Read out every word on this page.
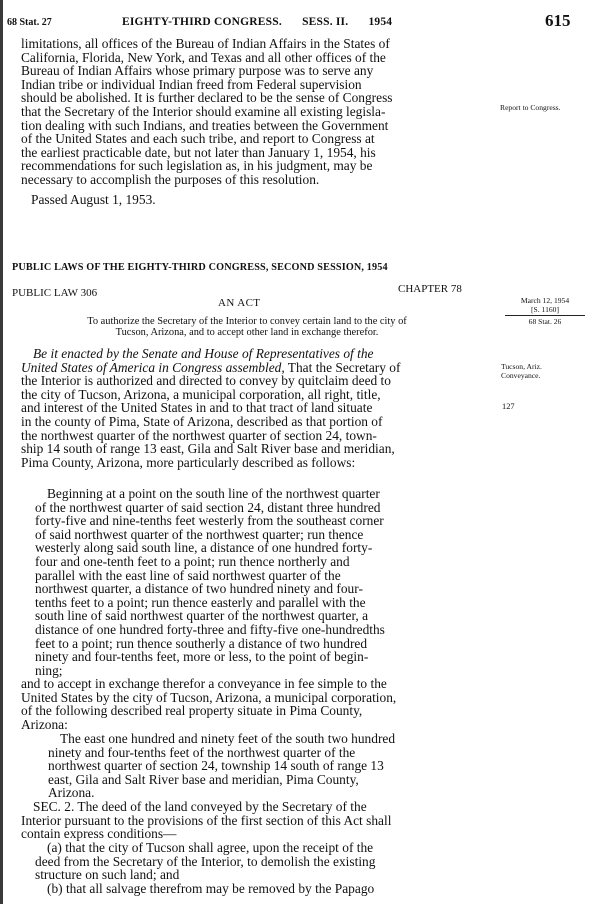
68 Stat. 27	EIGHTY-THIRD CONGRESS. SESS. II. 1954	615

limitations, all offices of the Bureau of Indian Affairs in the States of

California, Florida, New York, and Texas and all other offices of the

Bureau of Indian Affairs whose primary purpose was to serve any

Indian tribe or individual Indian freed from Federal supervision

should be abolished. It is further declared to be the sense of Congress

that the Secretary of the Interior should examine all existing legisla-

tion dealing with such Indians, and treaties between the Government

of the United States and each such tribe, and report to Congress at

the earliest practicable date, but not later than January 1, 1954, his

recommendations for such legislation as, in his judgment, may be

necessary to accomplish the purposes of this resolution.

Passed August 1, 1953.

Report to Congress.
PUBLIC LAWS OF THE EIGHTY-THIRD CONGRESS, SECOND SESSION, 1954
PUBLIC LAW 306	CHAPTER 78
AN ACT	March 12, 1954
[S. 1160]
68 Stat. 26
To authorize the Secretary of the Interior to convey certain land to the city of
Tucson, Arizona, and to accept other land in exchange therefor.
Tucson, Ariz.
Conveyance.
127

Be it enacted by the Senate and House of Representatives of the

United States of America in Congress assembled, That the Secretary of

the Interior is authorized and directed to convey by quitclaim deed to

the city of Tucson, Arizona, a municipal corporation, all right, title,

and interest of the United States in and to that tract of land situate

in the county of Pima, State of Arizona, described as that portion of

the northwest quarter of the northwest quarter of section 24, town-

ship 14 south of range 13 east, Gila and Salt River base and meridian,

Pima County, Arizona, more particularly described as follows:

Beginning at a point on the south line of the northwest quarter

of the northwest quarter of said section 24, distant three hundred

forty-five and nine-tenths feet westerly from the southeast corner

of said northwest quarter of the northwest quarter; run thence

westerly along said south line, a distance of one hundred forty-

four and one-tenth feet to a point; run thence northerly and

parallel with the east line of said northwest quarter of the

northwest quarter, a distance of two hundred ninety and four-

tenths feet to a point; run thence easterly and parallel with the

south line of said northwest quarter of the northwest quarter, a

distance of one hundred forty-three and fifty-five one-hundredths

feet to a point; run thence southerly a distance of two hundred

ninety and four-tenths feet, more or less, to the point of begin-

ning;

and to accept in exchange therefor a conveyance in fee simple to the

United States by the city of Tucson, Arizona, a municipal corporation,

of the following described real property situate in Pima County,

Arizona:

The east one hundred and ninety feet of the south two hundred

ninety and four-tenths feet of the northwest quarter of the

northwest quarter of section 24, township 14 south of range 13

east, Gila and Salt River base and meridian, Pima County,

Arizona.

SEC. 2. The deed of the land conveyed by the Secretary of the

Interior pursuant to the provisions of the first section of this Act shall

contain express conditions—

(a) that the city of Tucson shall agree, upon the receipt of the

deed from the Secretary of the Interior, to demolish the existing

structure on such land; and

(b) that all salvage therefrom may be removed by the Papago
